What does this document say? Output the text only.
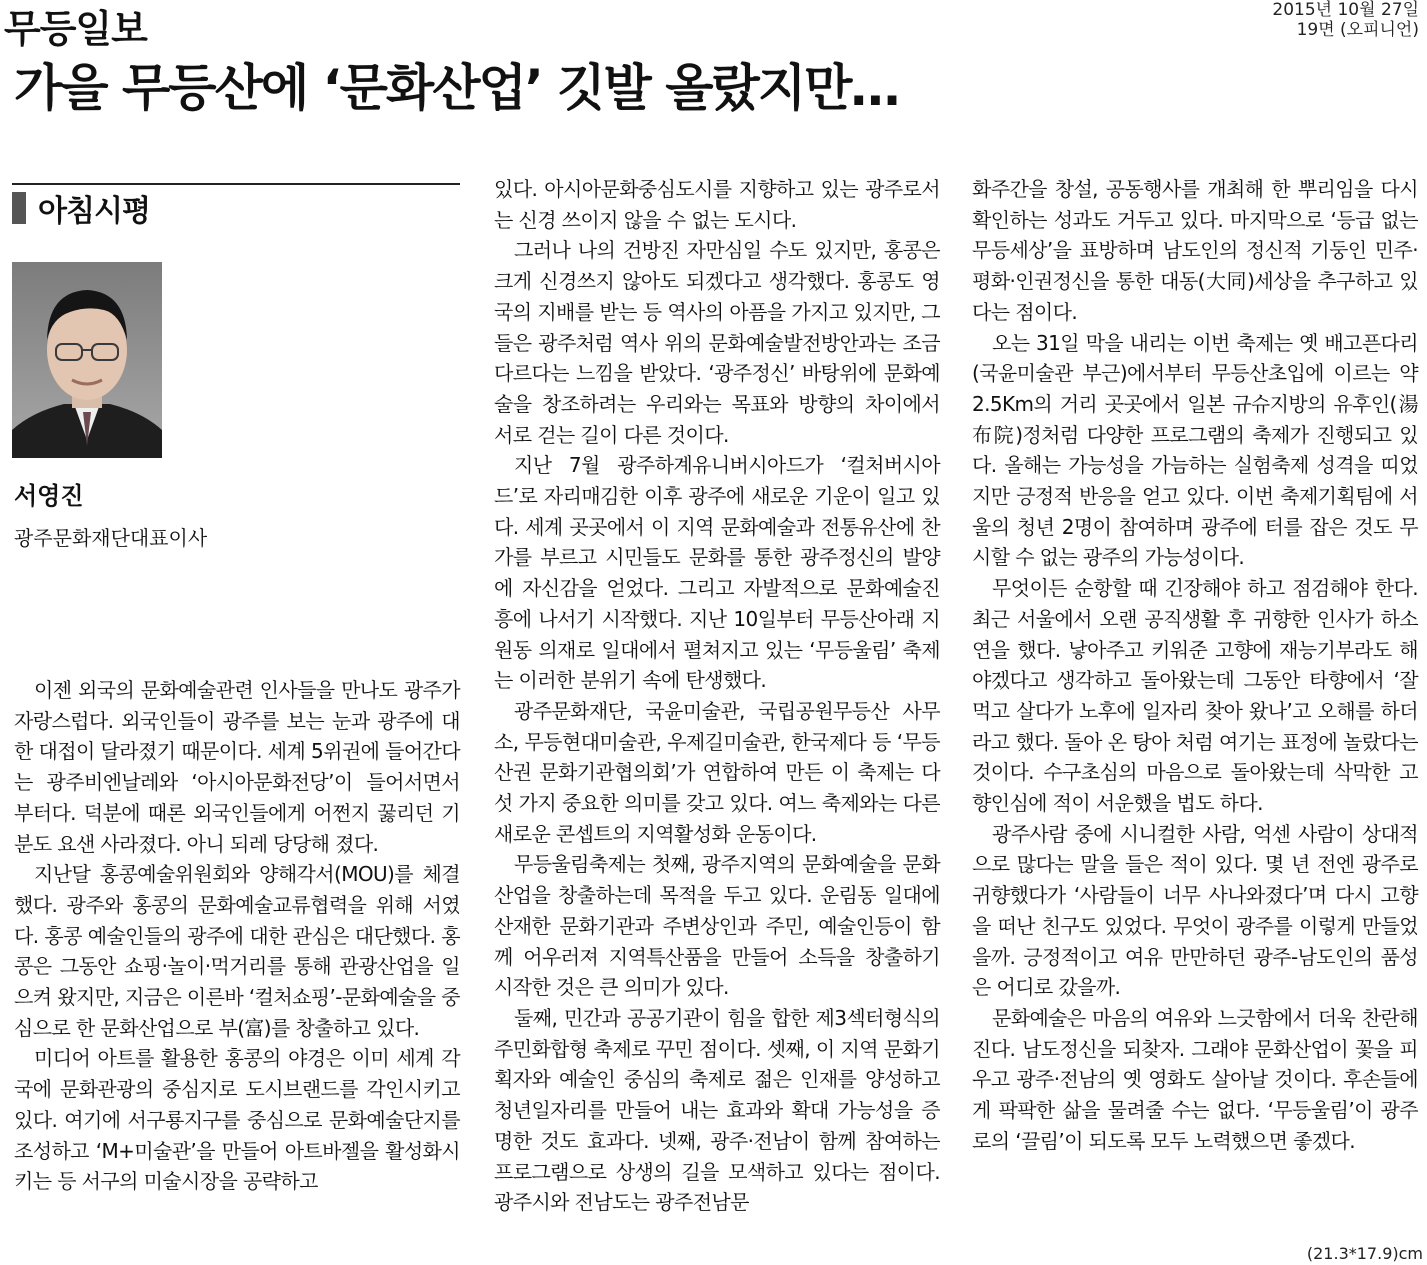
무등일보	2015년 10월 27일
19면 (오피니언)
가을 무등산에 ‘문화산업’ 깃발 올랐지만…
아침시평
서영진
광주문화재단대표이사

이젠 외국의 문화예술관련 인사들을 만나도 광주가 자랑스럽다. 외국인들이 광주를 보는 눈과 광주에 대한 대접이 달라졌기 때문이다. 세계 5위권에 들어간다는 광주비엔날레와 ‘아시아문화전당’이 들어서면서 부터다. 덕분에 때론 외국인들에게 어쩐지 꿇리던 기분도 요샌 사라졌다. 아니 되레 당당해 졌다.

지난달 홍콩예술위원회와 양해각서(MOU)를 체결했다. 광주와 홍콩의 문화예술교류협력을 위해 서였다. 홍콩 예술인들의 광주에 대한 관심은 대단했다. 홍콩은 그동안 쇼핑·놀이·먹거리를 통해 관광산업을 일으켜 왔지만, 지금은 이른바 ‘컬처쇼핑’-문화예술을 중심으로 한 문화산업으로 부(富)를 창출하고 있다.

미디어 아트를 활용한 홍콩의 야경은 이미 세계 각국에 문화관광의 중심지로 도시브랜드를 각인시키고 있다. 여기에 서구룡지구를 중심으로 문화예술단지를 조성하고 ‘M+미술관’을 만들어 아트바젤을 활성화시키는 등 서구의 미술시장을 공략하고

있다. 아시아문화중심도시를 지향하고 있는 광주로서는 신경 쓰이지 않을 수 없는 도시다.

그러나 나의 건방진 자만심일 수도 있지만, 홍콩은 크게 신경쓰지 않아도 되겠다고 생각했다. 홍콩도 영국의 지배를 받는 등 역사의 아픔을 가지고 있지만, 그들은 광주처럼 역사 위의 문화예술발전방안과는 조금 다르다는 느낌을 받았다. ‘광주정신’ 바탕위에 문화예술을 창조하려는 우리와는 목표와 방향의 차이에서 서로 걷는 길이 다른 것이다.

지난 7월 광주하계유니버시아드가 ‘컬처버시아드’로 자리매김한 이후 광주에 새로운 기운이 일고 있다. 세계 곳곳에서 이 지역 문화예술과 전통유산에 찬가를 부르고 시민들도 문화를 통한 광주정신의 발양에 자신감을 얻었다. 그리고 자발적으로 문화예술진흥에 나서기 시작했다. 지난 10일부터 무등산아래 지원동 의재로 일대에서 펼쳐지고 있는 ‘무등울림’ 축제는 이러한 분위기 속에 탄생했다.

광주문화재단, 국윤미술관, 국립공원무등산 사무소, 무등현대미술관, 우제길미술관, 한국제다 등 ‘무등산권 문화기관협의회’가 연합하여 만든 이 축제는 다섯 가지 중요한 의미를 갖고 있다. 여느 축제와는 다른 새로운 콘셉트의 지역활성화 운동이다.

무등울림축제는 첫째, 광주지역의 문화예술을 문화산업을 창출하는데 목적을 두고 있다. 운림동 일대에 산재한 문화기관과 주변상인과 주민, 예술인등이 함께 어우러져 지역특산품을 만들어 소득을 창출하기 시작한 것은 큰 의미가 있다.

둘째, 민간과 공공기관이 힘을 합한 제3섹터형식의 주민화합형 축제로 꾸민 점이다. 셋째, 이 지역 문화기획자와 예술인 중심의 축제로 젊은 인재를 양성하고 청년일자리를 만들어 내는 효과와 확대 가능성을 증명한 것도 효과다. 넷째, 광주·전남이 함께 참여하는 프로그램으로 상생의 길을 모색하고 있다는 점이다. 광주시와 전남도는 광주전남문

화주간을 창설, 공동행사를 개최해 한 뿌리임을 다시 확인하는 성과도 거두고 있다. 마지막으로 ‘등급 없는 무등세상’을 표방하며 남도인의 정신적 기둥인 민주·평화·인권정신을 통한 대동(大同)세상을 추구하고 있다는 점이다.

오는 31일 막을 내리는 이번 축제는 옛 배고픈다리(국윤미술관 부근)에서부터 무등산초입에 이르는 약 2.5Km의 거리 곳곳에서 일본 규슈지방의 유후인(湯布院)정처럼 다양한 프로그램의 축제가 진행되고 있다. 올해는 가능성을 가늠하는 실험축제 성격을 띠었지만 긍정적 반응을 얻고 있다. 이번 축제기획팀에 서울의 청년 2명이 참여하며 광주에 터를 잡은 것도 무시할 수 없는 광주의 가능성이다.

무엇이든 순항할 때 긴장해야 하고 점검해야 한다. 최근 서울에서 오랜 공직생활 후 귀향한 인사가 하소연을 했다. 낳아주고 키워준 고향에 재능기부라도 해야겠다고 생각하고 돌아왔는데 그동안 타향에서 ‘잘 먹고 살다가 노후에 일자리 찾아 왔나’고 오해를 하더라고 했다. 돌아 온 탕아 처럼 여기는 표정에 놀랐다는 것이다. 수구초심의 마음으로 돌아왔는데 삭막한 고향인심에 적이 서운했을 법도 하다.

광주사람 중에 시니컬한 사람, 억센 사람이 상대적으로 많다는 말을 들은 적이 있다. 몇 년 전엔 광주로 귀향했다가 ‘사람들이 너무 사나와졌다’며 다시 고향을 떠난 친구도 있었다. 무엇이 광주를 이렇게 만들었을까. 긍정적이고 여유 만만하던 광주-남도인의 품성은 어디로 갔을까.

문화예술은 마음의 여유와 느긋함에서 더욱 찬란해 진다. 남도정신을 되찾자. 그래야 문화산업이 꽃을 피우고 광주·전남의 옛 영화도 살아날 것이다. 후손들에게 팍팍한 삶을 물려줄 수는 없다. ‘무등울림’이 광주로의 ‘끌림’이 되도록 모두 노력했으면 좋겠다.

(21.3*17.9)cm
